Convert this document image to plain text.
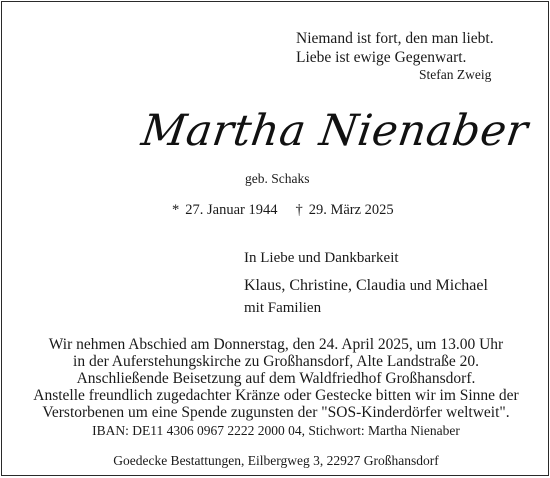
Niemand ist fort, den man liebt.
Liebe ist ewige Gegenwart.
Stefan Zweig
Martha Nienaber
geb. Schaks
* 27. Januar 1944 † 29. März 2025
In Liebe und Dankbarkeit
Klaus, Christine, Claudia und Michael
mit Familien
Wir nehmen Abschied am Donnerstag, den 24. April 2025, um 13.00 Uhr
in der Auferstehungskirche zu Großhansdorf, Alte Landstraße 20.
Anschließende Beisetzung auf dem Waldfriedhof Großhansdorf.
Anstelle freundlich zugedachter Kränze oder Gestecke bitten wir im Sinne der
Verstorbenen um eine Spende zugunsten der "SOS-Kinderdörfer weltweit".
IBAN: DE11 4306 0967 2222 2000 04, Stichwort: Martha Nienaber
Goedecke Bestattungen, Eilbergweg 3, 22927 Großhansdorf
